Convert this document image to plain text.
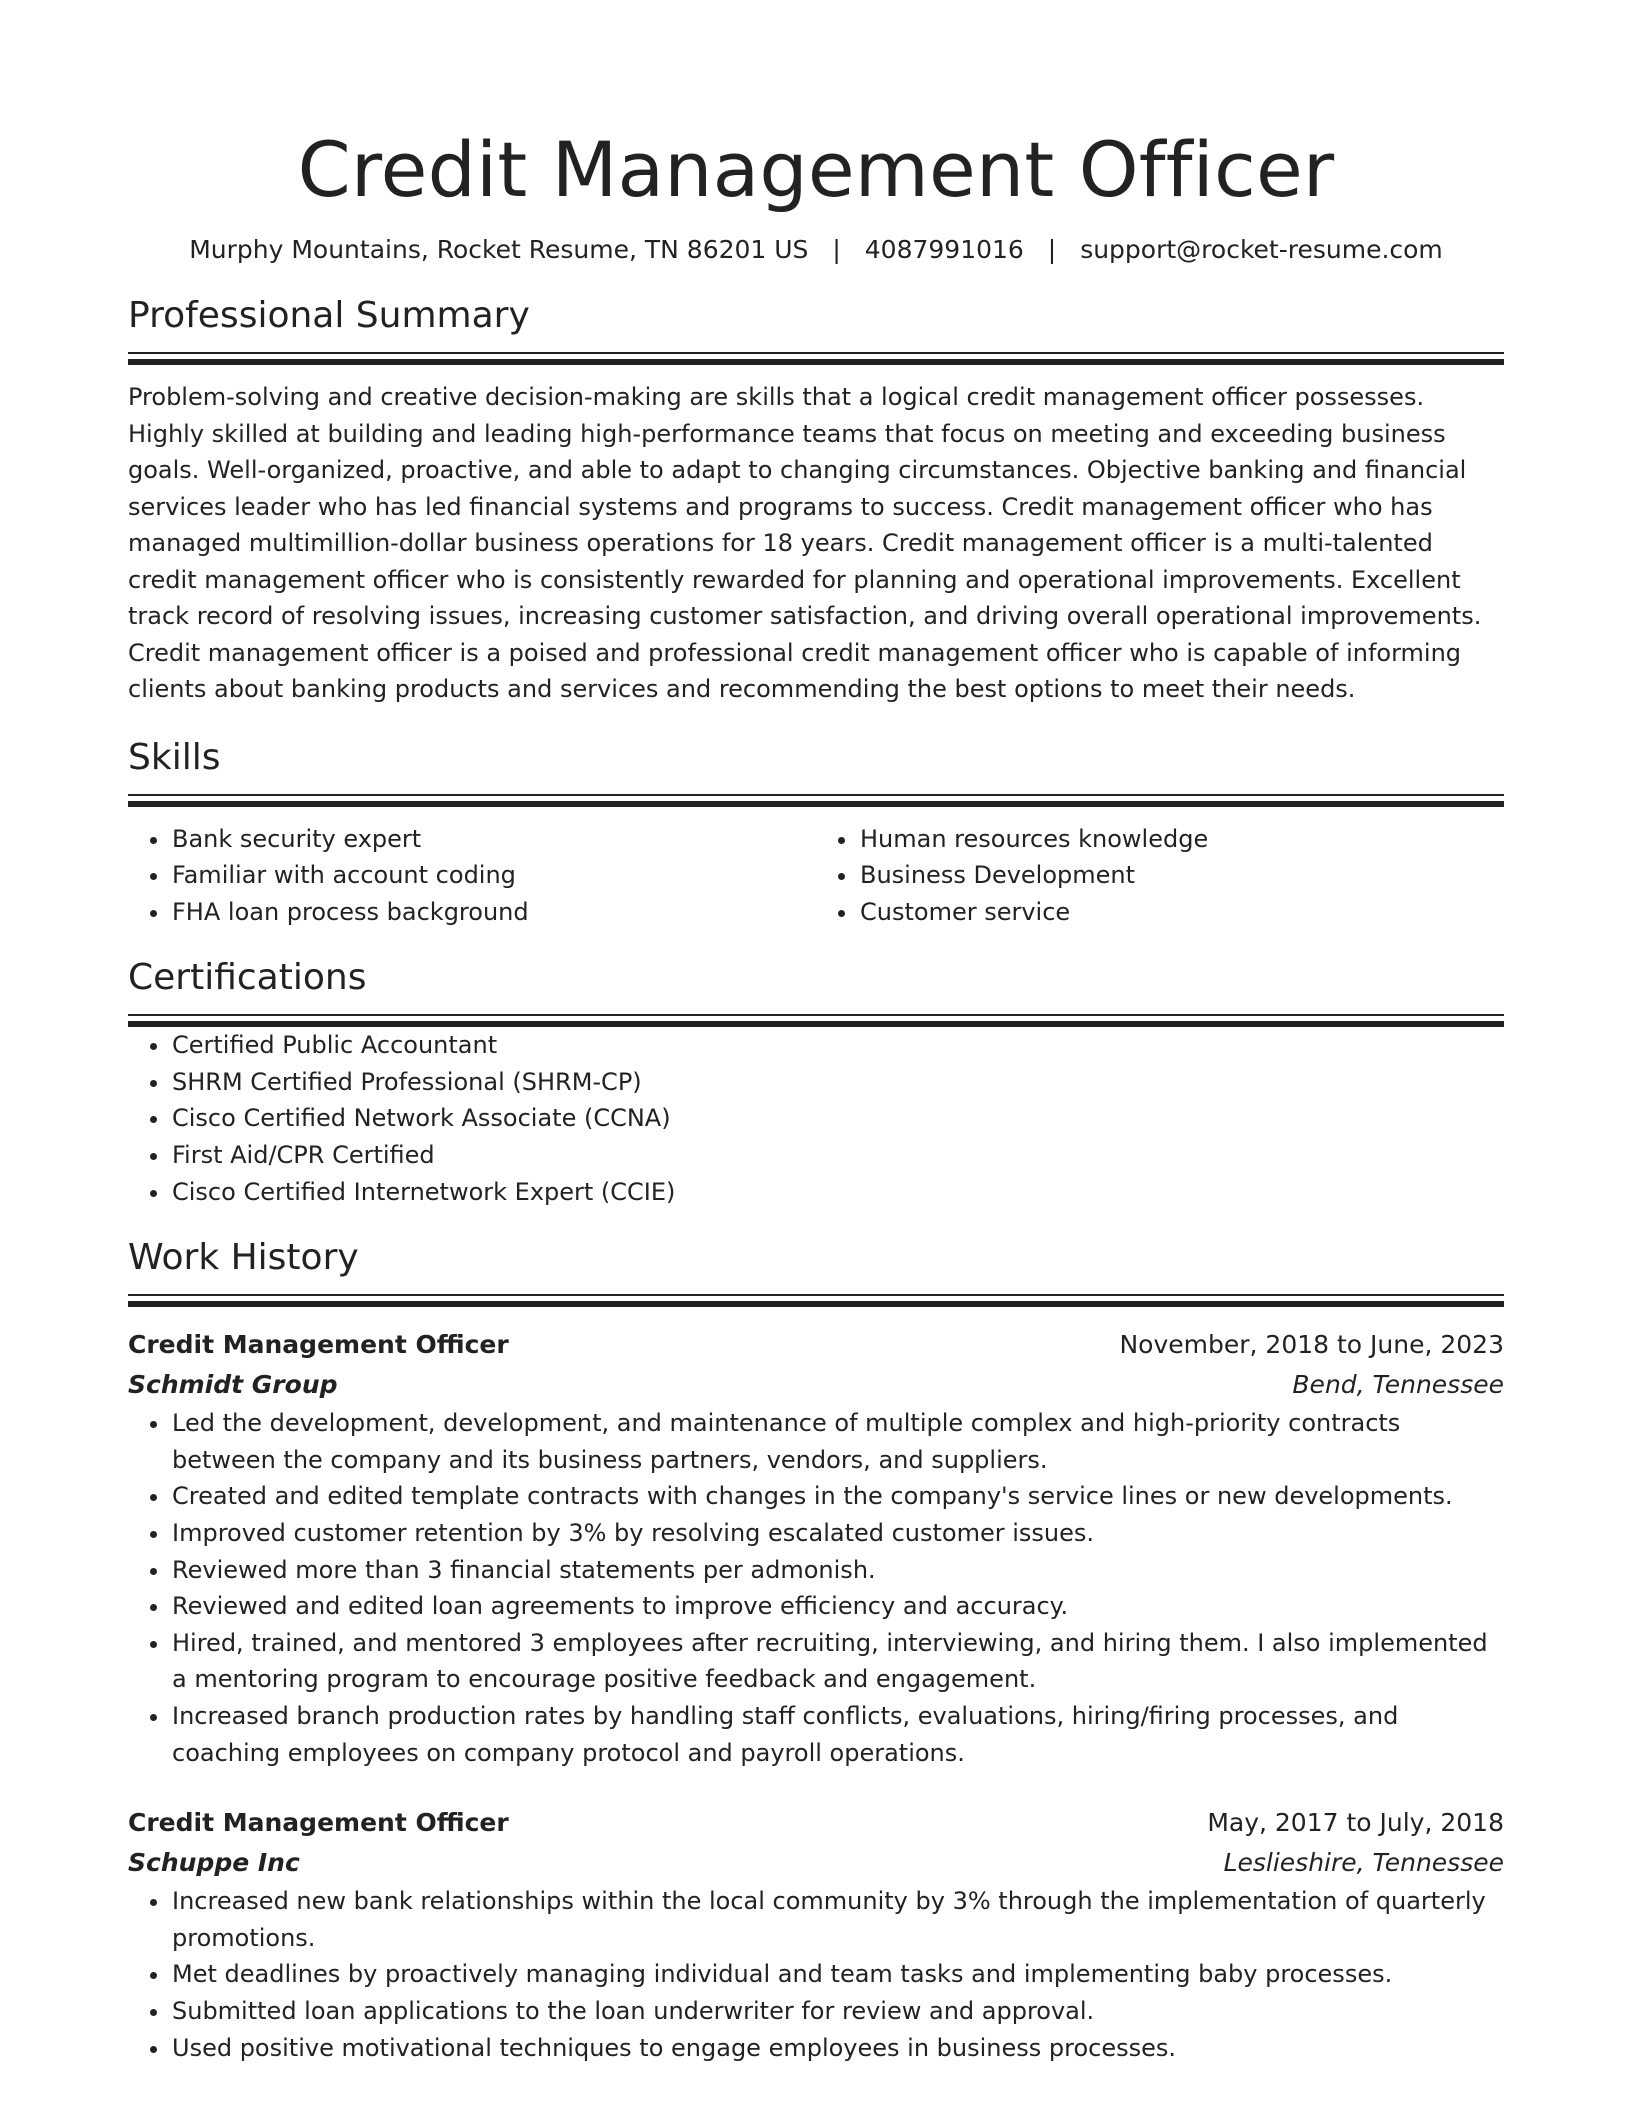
Credit Management Officer
Murphy Mountains, Rocket Resume, TN 86201 US | 4087991016 | support@rocket-resume.com
Professional Summary

Problem-solving and creative decision-making are skills that a logical credit management officer possesses. Highly skilled at building and leading high-performance teams that focus on meeting and exceeding business goals. Well-organized, proactive, and able to adapt to changing circumstances. Objective banking and financial services leader who has led financial systems and programs to success. Credit management officer who has managed multimillion-dollar business operations for 18 years. Credit management officer is a multi-talented credit management officer who is consistently rewarded for planning and operational improvements. Excellent track record of resolving issues, increasing customer satisfaction, and driving overall operational improvements. Credit management officer is a poised and professional credit management officer who is capable of informing clients about banking products and services and recommending the best options to meet their needs.

Skills
• Bank security expert
• Familiar with account coding
• FHA loan process background
• Human resources knowledge
• Business Development
• Customer service
Certifications
• Certified Public Accountant
• SHRM Certified Professional (SHRM-CP)
• Cisco Certified Network Associate (CCNA)
• First Aid/CPR Certified
• Cisco Certified Internetwork Expert (CCIE)
Work History
Credit Management Officer	November, 2018 to June, 2023
Schmidt Group	Bend, Tennessee
• Led the development, development, and maintenance of multiple complex and high-priority contracts between the company and its business partners, vendors, and suppliers.
• Created and edited template contracts with changes in the company's service lines or new developments.
• Improved customer retention by 3% by resolving escalated customer issues.
• Reviewed more than 3 financial statements per admonish.
• Reviewed and edited loan agreements to improve efficiency and accuracy.
• Hired, trained, and mentored 3 employees after recruiting, interviewing, and hiring them. I also implemented a mentoring program to encourage positive feedback and engagement.
• Increased branch production rates by handling staff conflicts, evaluations, hiring/firing processes, and coaching employees on company protocol and payroll operations.
Credit Management Officer	May, 2017 to July, 2018
Schuppe Inc	Leslieshire, Tennessee
• Increased new bank relationships within the local community by 3% through the implementation of quarterly promotions.
• Met deadlines by proactively managing individual and team tasks and implementing baby processes.
• Submitted loan applications to the loan underwriter for review and approval.
• Used positive motivational techniques to engage employees in business processes.
